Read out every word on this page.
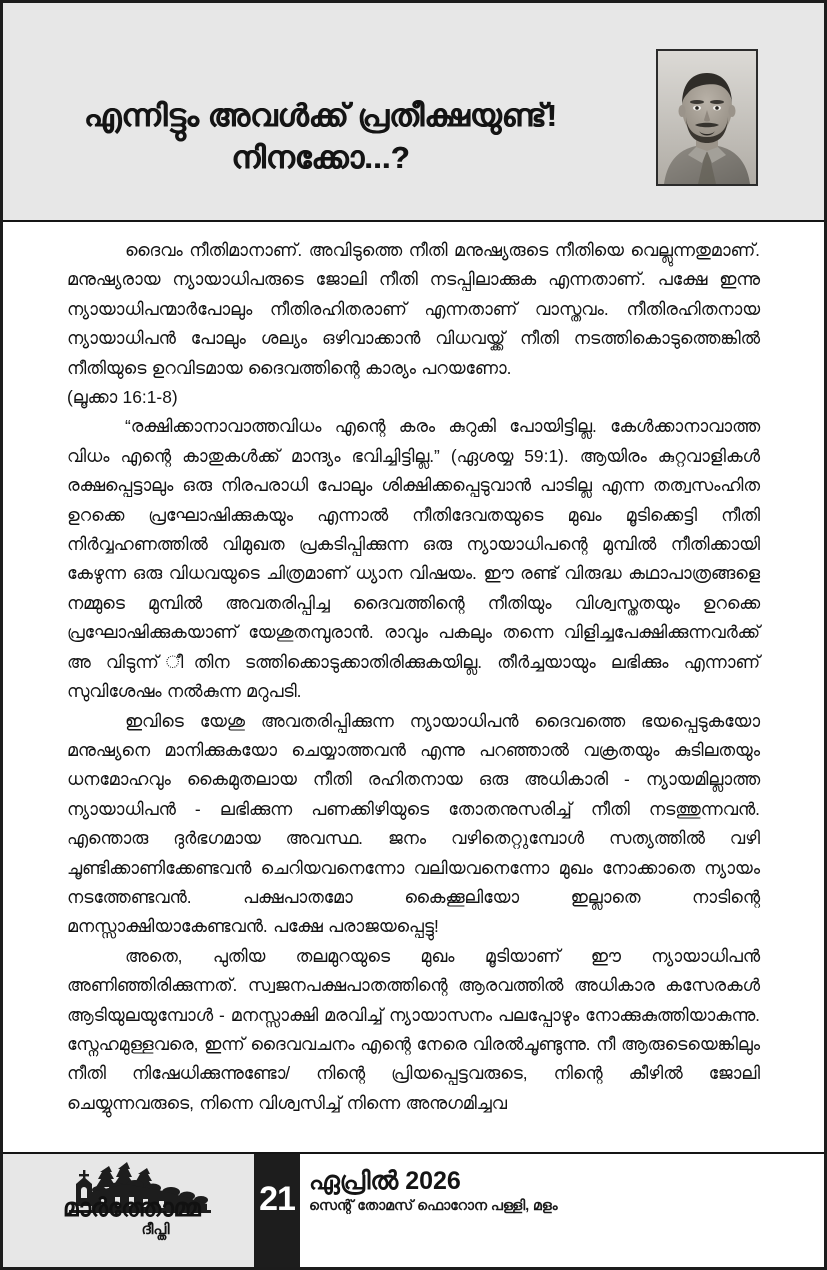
എന്നിട്ടും അവൾക്ക് പ്രതീക്ഷയുണ്ട്!
നിനക്കോ...?

ദൈവം നീതിമാനാണ്. അവിടുത്തെ നീതി മനുഷ്യരുടെ നീതിയെ വെല്ലുന്നതുമാണ്. മനുഷ്യരായ ന്യായാധിപരുടെ ജോലി നീതി നടപ്പിലാക്കുക എന്നതാണ്. പക്ഷേ ഇന്നു ന്യായാധിപന്മാർപോലും നീതിരഹിതരാണ് എന്നതാണ് വാസ്തവം. നീതിരഹിതനായ ന്യായാധിപൻ പോലും ശല്യം ഒഴിവാക്കാൻ വിധവയ്ക്ക് നീതി നടത്തികൊടുത്തെങ്കിൽ നീതിയുടെ ഉറവിടമായ ദൈവത്തിന്റെ കാര്യം പറയണോ.
(ലൂക്കാ 16:1-8)

“രക്ഷിക്കാനാവാത്തവിധം എന്റെ കരം കുറുകി പോയിട്ടില്ല. കേൾക്കാനാവാത്ത വിധം എന്റെ കാതുകൾക്ക് മാന്ദ്യം ഭവിച്ചിട്ടില്ല.” (ഏശയ്യ 59:1). ആയിരം കുറ്റവാളികൾ രക്ഷപ്പെട്ടാലും ഒരു നിരപരാധി പോലും ശിക്ഷിക്കപ്പെടുവാൻ പാടില്ല എന്ന തത്വസംഹിത ഉറക്കെ പ്രഘോഷിക്കുകയും എന്നാൽ നീതിദേവതയുടെ മുഖം മൂടിക്കെട്ടി നീതി നിർവ്വഹണത്തിൽ വിമുഖത പ്രകടിപ്പിക്കുന്ന ഒരു ന്യായാധിപന്റെ മുമ്പിൽ നീതിക്കായി കേഴുന്ന ഒരു വിധവയുടെ ചിത്രമാണ് ധ്യാന വിഷയം. ഈ രണ്ട് വിരുദ്ധ കഥാപാത്രങ്ങളെ നമ്മുടെ മുമ്പിൽ അവതരിപ്പിച്ച ദൈവത്തിന്റെ നീതിയും വിശ്വസ്തതയും ഉറക്കെ പ്രഘോഷിക്കുകയാണ് യേശുതമ്പുരാൻ. രാവും പകലും തന്നെ വിളിച്ചപേക്ഷിക്കുന്നവർക്ക് അ വിടുന്ന് ീതിന ടത്തിക്കൊടുക്കാതിരിക്കുകയില്ല. തീർച്ചയായും ലഭിക്കും എന്നാണ് സുവിശേഷം നൽകുന്ന മറുപടി.

ഇവിടെ യേശു അവതരിപ്പിക്കുന്ന ന്യായാധിപൻ ദൈവത്തെ ഭയപ്പെടുകയോ മനുഷ്യനെ മാനിക്കുകയോ ചെയ്യാത്തവൻ എന്നു പറഞ്ഞാൽ വക്രതയും കുടിലതയും ധനമോഹവും കൈമുതലായ നീതി രഹിതനായ ഒരു അധികാരി - ന്യായമില്ലാത്ത ന്യായാധിപൻ - ലഭിക്കുന്ന പണക്കിഴിയുടെ തോതനുസരിച്ച് നീതി നടത്തുന്നവൻ. എന്തൊരു ദുർഭഗമായ അവസ്ഥ. ജനം വഴിതെറ്റുമ്പോൾ സത്യത്തിൽ വഴി ചൂണ്ടിക്കാണിക്കേണ്ടവൻ ചെറിയവനെന്നോ വലിയവനെന്നോ മുഖം നോക്കാതെ ന്യായം നടത്തേണ്ടവൻ. പക്ഷപാതമോ കൈക്കൂലിയോ ഇല്ലാതെ നാടിന്റെ മനസ്സാക്ഷിയാകേണ്ടവൻ. പക്ഷേ പരാജയപ്പെട്ടു!

അതെ, പുതിയ തലമുറയുടെ മുഖം മൂടിയാണ് ഈ ന്യായാധിപൻ അണിഞ്ഞിരിക്കുന്നത്. സ്വജനപക്ഷപാതത്തിന്റെ ആരവത്തിൽ അധികാര കസേരകൾ ആടിയുലയുമ്പോൾ - മനസ്സാക്ഷി മരവിച്ച് ന്യായാസനം പലപ്പോഴും നോക്കുകുത്തിയാകുന്നു. സ്നേഹമുള്ളവരെ, ഇന്ന് ദൈവവചനം എന്റെ നേരെ വിരൽചൂണ്ടുന്നു. നീ ആരുടെയെങ്കിലും നീതി നിഷേധിക്കുന്നുണ്ടോ/ നിന്റെ പ്രിയപ്പെട്ടവരുടെ, നിന്റെ കീഴിൽ ജോലി ചെയ്യുന്നവരുടെ, നിന്നെ വിശ്വസിച്ച് നിന്നെ അനുഗമിച്ചവ

മാർത്തോമ്മ
ദീപ്തി
21 ഏപ്രിൽ 2026
സെന്റ് തോമസ് ഫൊറോന പള്ളി, മളം
